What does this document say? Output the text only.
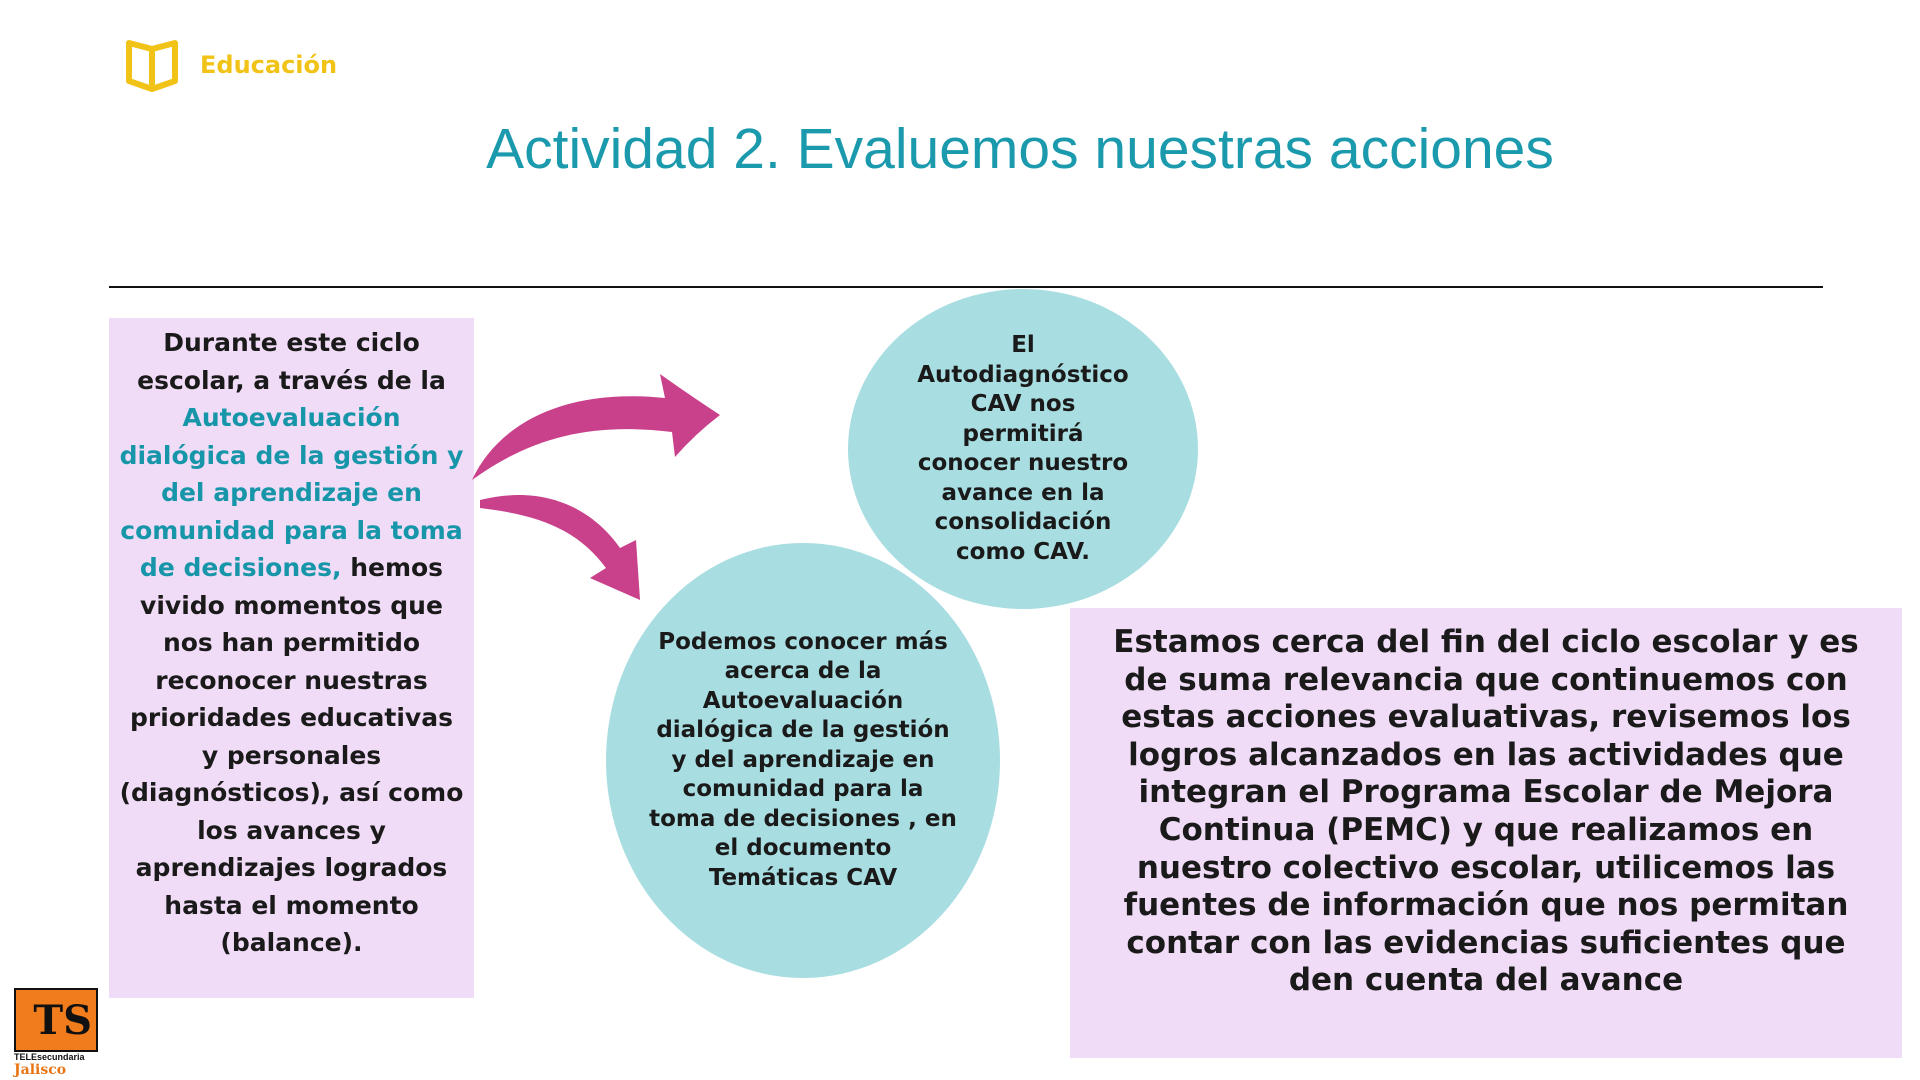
Educación
Actividad 2. Evaluemos nuestras acciones
Durante este ciclo escolar, a través de la Autoevaluación dialógica de la gestión y del aprendizaje en comunidad para la toma de decisiones, hemos vivido momentos que nos han permitido reconocer nuestras prioridades educativas y personales (diagnósticos), así como los avances y aprendizajes logrados hasta el momento (balance).
El Autodiagnóstico CAV nos permitirá conocer nuestro avance en la consolidación como CAV.
Podemos conocer más acerca de la Autoevaluación dialógica de la gestión y del aprendizaje en comunidad para la toma de decisiones , en el documento Temáticas CAV
Estamos cerca del fin del ciclo escolar y es de suma relevancia que continuemos con estas acciones evaluativas, revisemos los logros alcanzados en las actividades que integran el Programa Escolar de Mejora Continua (PEMC) y que realizamos en nuestro colectivo escolar, utilicemos las fuentes de información que nos permitan contar con las evidencias suficientes que den cuenta del avance
TS
TELEsecundaria
Jalisco
